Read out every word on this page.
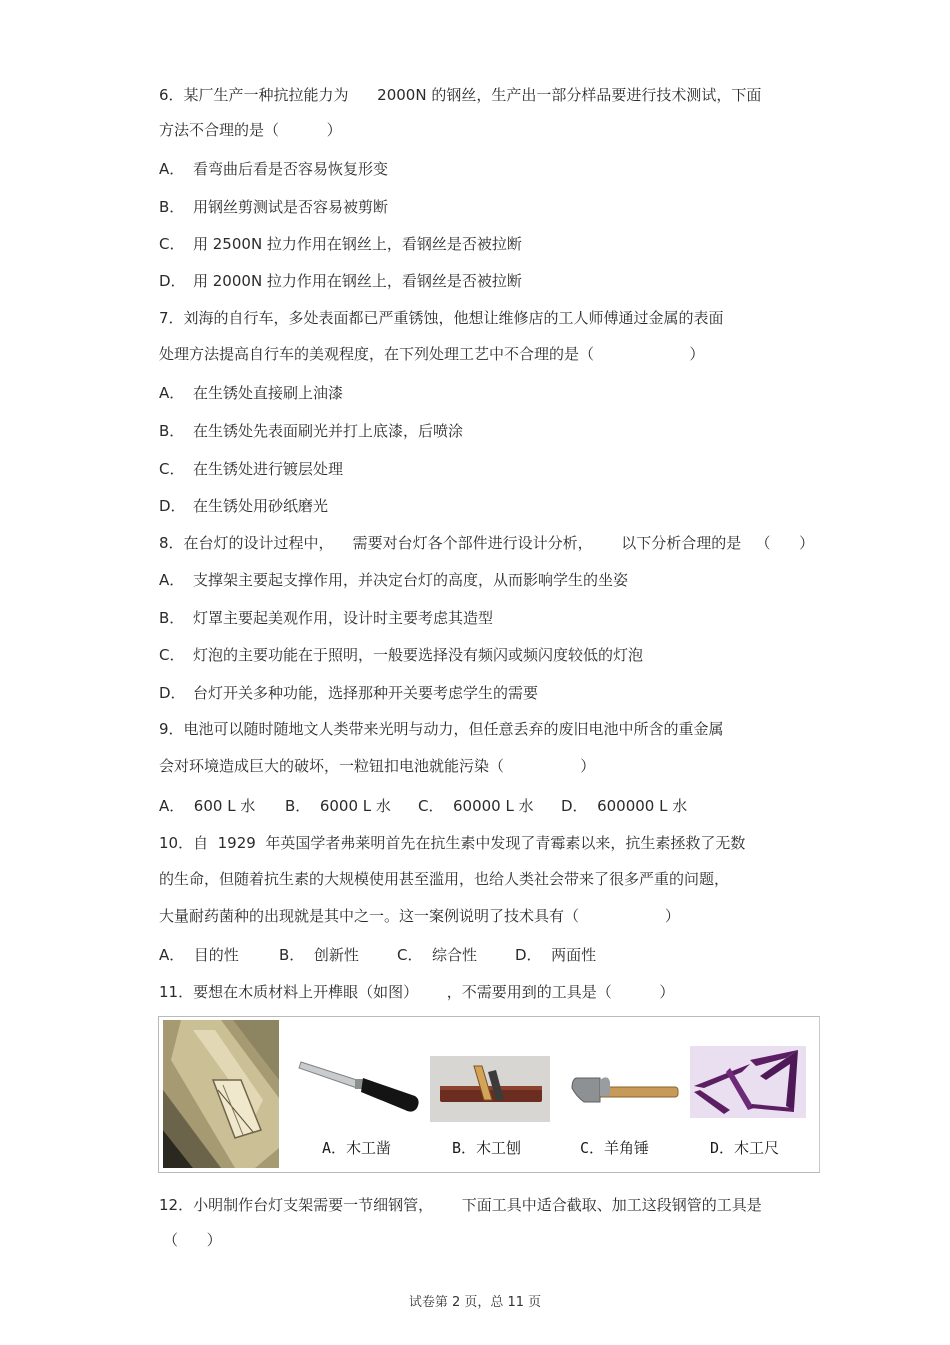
6．某厂生产一种抗拉能力为      2000N 的钢丝，生产出一部分样品要进行技术测试，下面
方法不合理的是（          ）
A． 看弯曲后看是否容易恢复形变
B． 用钢丝剪测试是否容易被剪断
C． 用 2500N 拉力作用在钢丝上，看钢丝是否被拉断
D． 用 2000N 拉力作用在钢丝上，看钢丝是否被拉断
7．刘海的自行车，多处表面都已严重锈蚀，他想让维修店的工人师傅通过金属的表面
处理方法提高自行车的美观程度，在下列处理工艺中不合理的是（                    ）
A． 在生锈处直接刷上油漆
B． 在生锈处先表面刷光并打上底漆，后喷涂
C． 在生锈处进行镀层处理
D． 在生锈处用砂纸磨光
8．在台灯的设计过程中，    需要对台灯各个部件进行设计分析，      以下分析合理的是   （      ）
A． 支撑架主要起支撑作用，并决定台灯的高度，从而影响学生的坐姿
B． 灯罩主要起美观作用，设计时主要考虑其造型
C． 灯泡的主要功能在于照明，一般要选择没有频闪或频闪度较低的灯泡
D． 台灯开关多种功能，选择那种开关要考虑学生的需要
9．电池可以随时随地文人类带来光明与动力，但任意丢弃的废旧电池中所含的重金属
会对环境造成巨大的破坏，一粒钮扣电池就能污染（                ）
A．  600 L 水 B．  6000 L 水 C．  60000 L 水 D．  600000 L 水
10．自  1929  年英国学者弗莱明首先在抗生素中发现了青霉素以来，抗生素拯救了无数
的生命，但随着抗生素的大规模使用甚至滥用，也给人类社会带来了很多严重的问题，
大量耐药菌种的出现就是其中之一。这一案例说明了技术具有（                  ）
A．  目的性	B．  创新性	C．  综合性	D．  两面性
11．要想在木质材料上开榫眼（如图）      ，不需要用到的工具是（          ）
A．木工凿	B．木工刨	C．羊角锤	D．木工尺
12．小明制作台灯支架需要一节细钢管，      下面工具中适合截取、加工这段钢管的工具是
（      ）
试卷第 2 页，总 11 页
